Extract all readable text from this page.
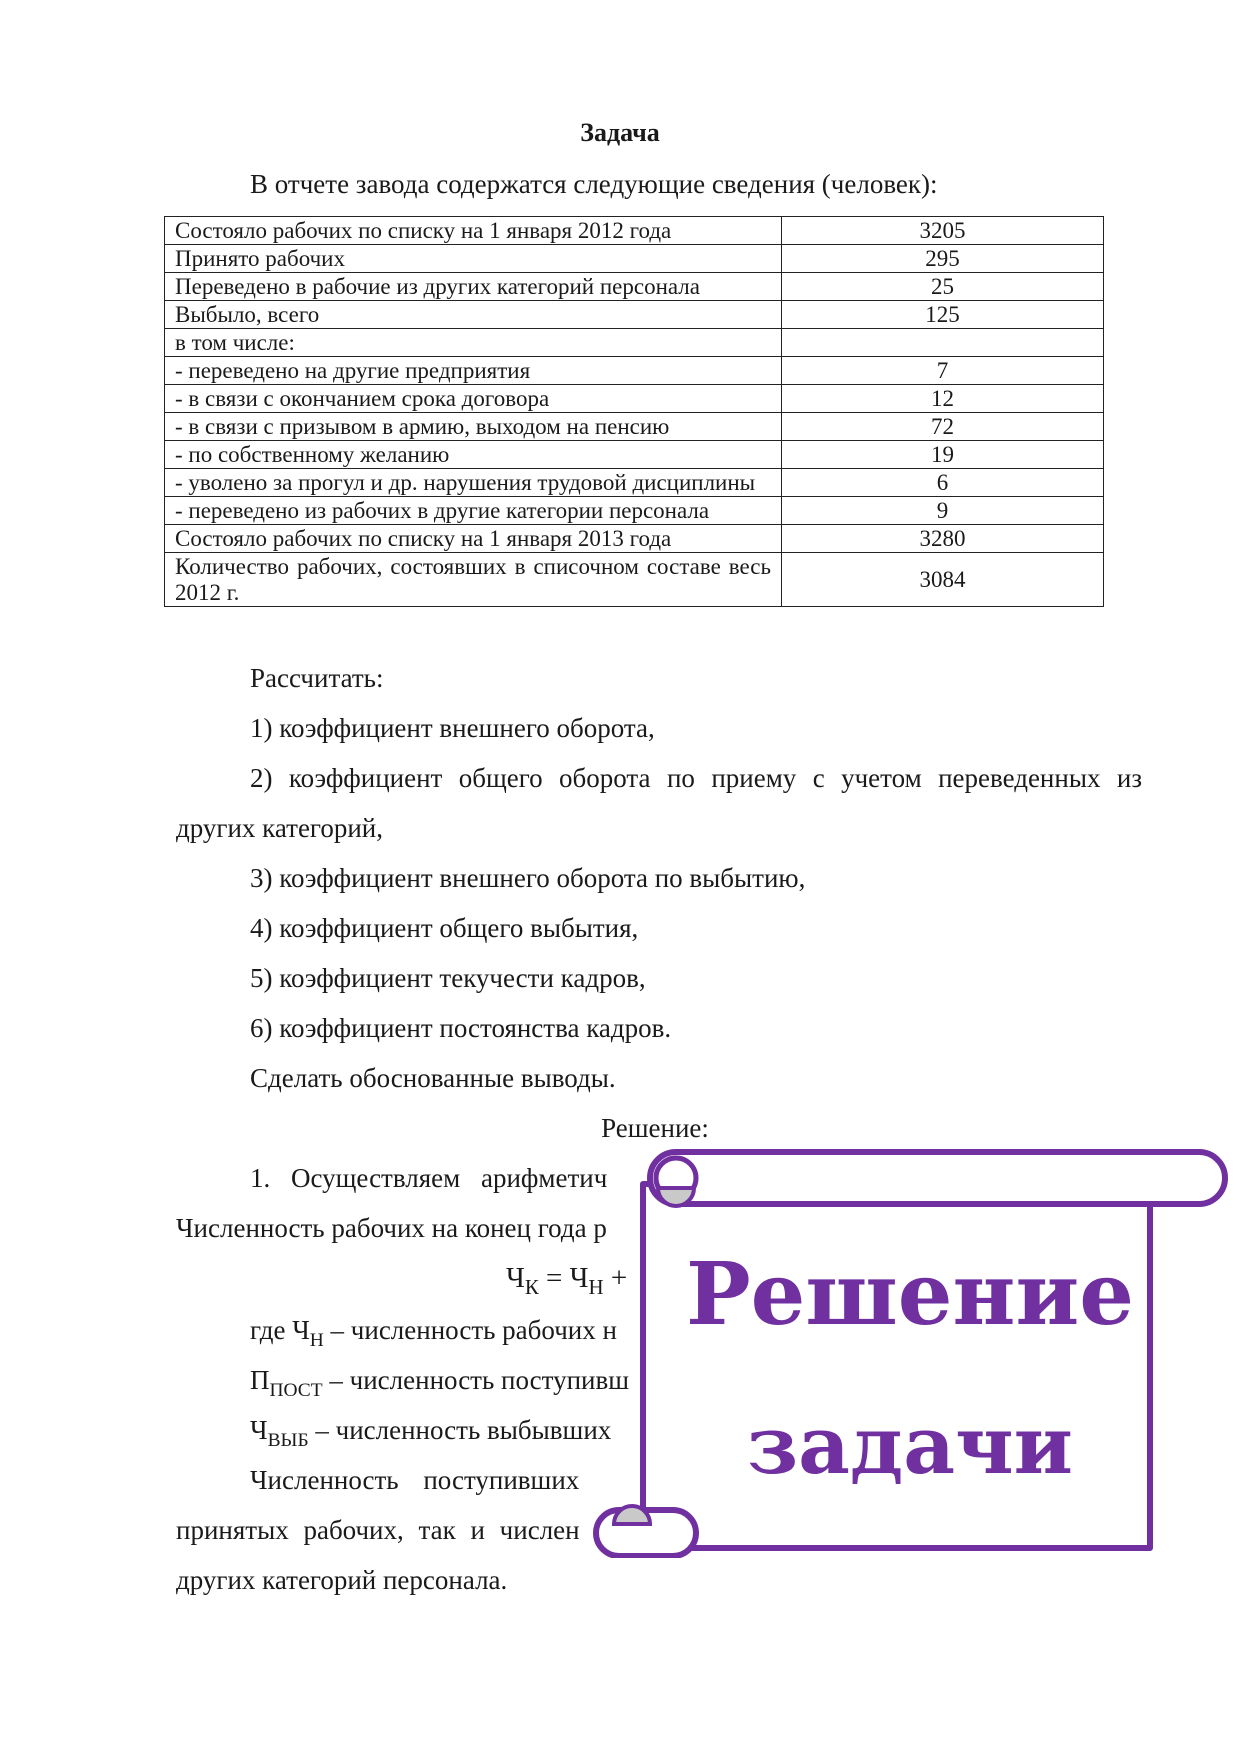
Задача
В отчете завода содержатся следующие сведения (человек):
Состояло рабочих по списку на 1 января 2012 года	3205
Принято рабочих	295
Переведено в рабочие из других категорий персонала	25
Выбыло, всего	125
в том числе:	
- переведено на другие предприятия	7
- в связи с окончанием срока договора	12
- в связи с призывом в армию, выходом на пенсию	72
- по собственному желанию	19
- уволено за прогул и др. нарушения трудовой дисциплины	6
- переведено из рабочих в другие категории персонала	9
Состояло рабочих по списку на 1 января 2013 года	3280
Количество рабочих, состоявших в списочном составе весь 2012 г.	3084
Рассчитать:
1) коэффициент внешнего оборота,
2) коэффициент общего оборота по приему с учетом переведенных из
других категорий,
3) коэффициент внешнего оборота по выбытию,
4) коэффициент общего выбытия,
5) коэффициент текучести кадров,
6) коэффициент постоянства кадров.
Сделать обоснованные выводы.
Решение:
1. Осуществляем арифметич
Численность рабочих на конец года р
$Ч_К = Ч_Н$ +
где $Ч_Н$ – численность рабочих н
$П_{ПОСТ}$ – численность поступивш
$Ч_{ВЫБ}$ – численность выбывших
Численность поступивших
принятых рабочих, так и числен
других категорий персонала.
Решение
задачи
